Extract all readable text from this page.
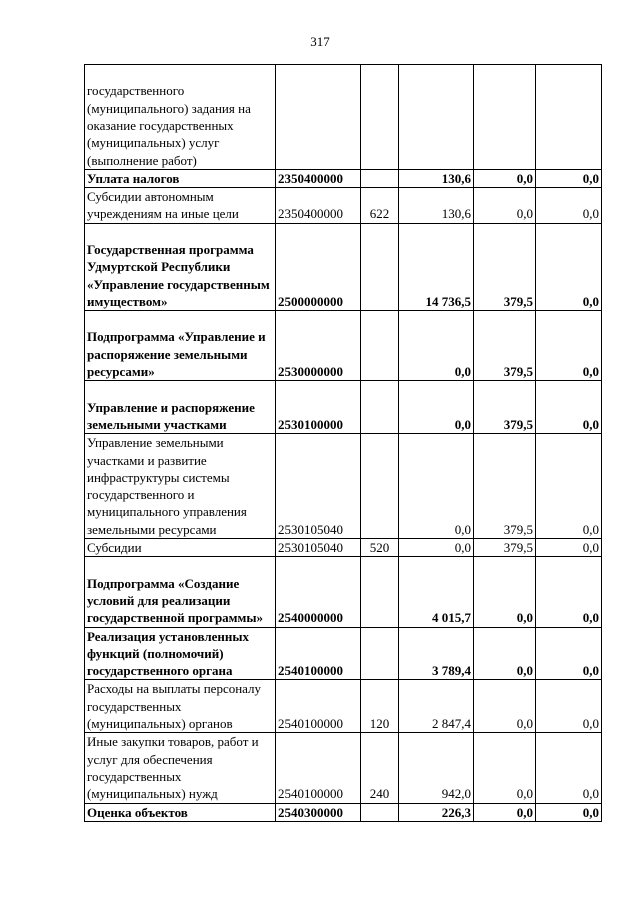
317
государственного (муниципального) задания на оказание государственных (муниципальных) услуг (выполнение работ)					
Уплата налогов	2350400000		130,6	0,0	0,0
Субсидии автономным учреждениям на иные цели	2350400000	622	130,6	0,0	0,0
Государственная программа Удмуртской Республики «Управление государственным имуществом»	2500000000		14 736,5	379,5	0,0
Подпрограмма «Управление и распоряжение земельными ресурсами»	2530000000		0,0	379,5	0,0
Управление и распоряжение земельными участками	2530100000		0,0	379,5	0,0
Управление земельными участками и развитие инфраструктуры системы государственного и муниципального управления земельными ресурсами	2530105040		0,0	379,5	0,0
Субсидии	2530105040	520	0,0	379,5	0,0
Подпрограмма «Создание условий для реализации государственной программы»	2540000000		4 015,7	0,0	0,0
Реализация установленных функций (полномочий) государственного органа	2540100000		3 789,4	0,0	0,0
Расходы на выплаты персоналу государственных (муниципальных) органов	2540100000	120	2 847,4	0,0	0,0
Иные закупки товаров, работ и услуг для обеспечения государственных (муниципальных) нужд	2540100000	240	942,0	0,0	0,0
Оценка объектов	2540300000		226,3	0,0	0,0
